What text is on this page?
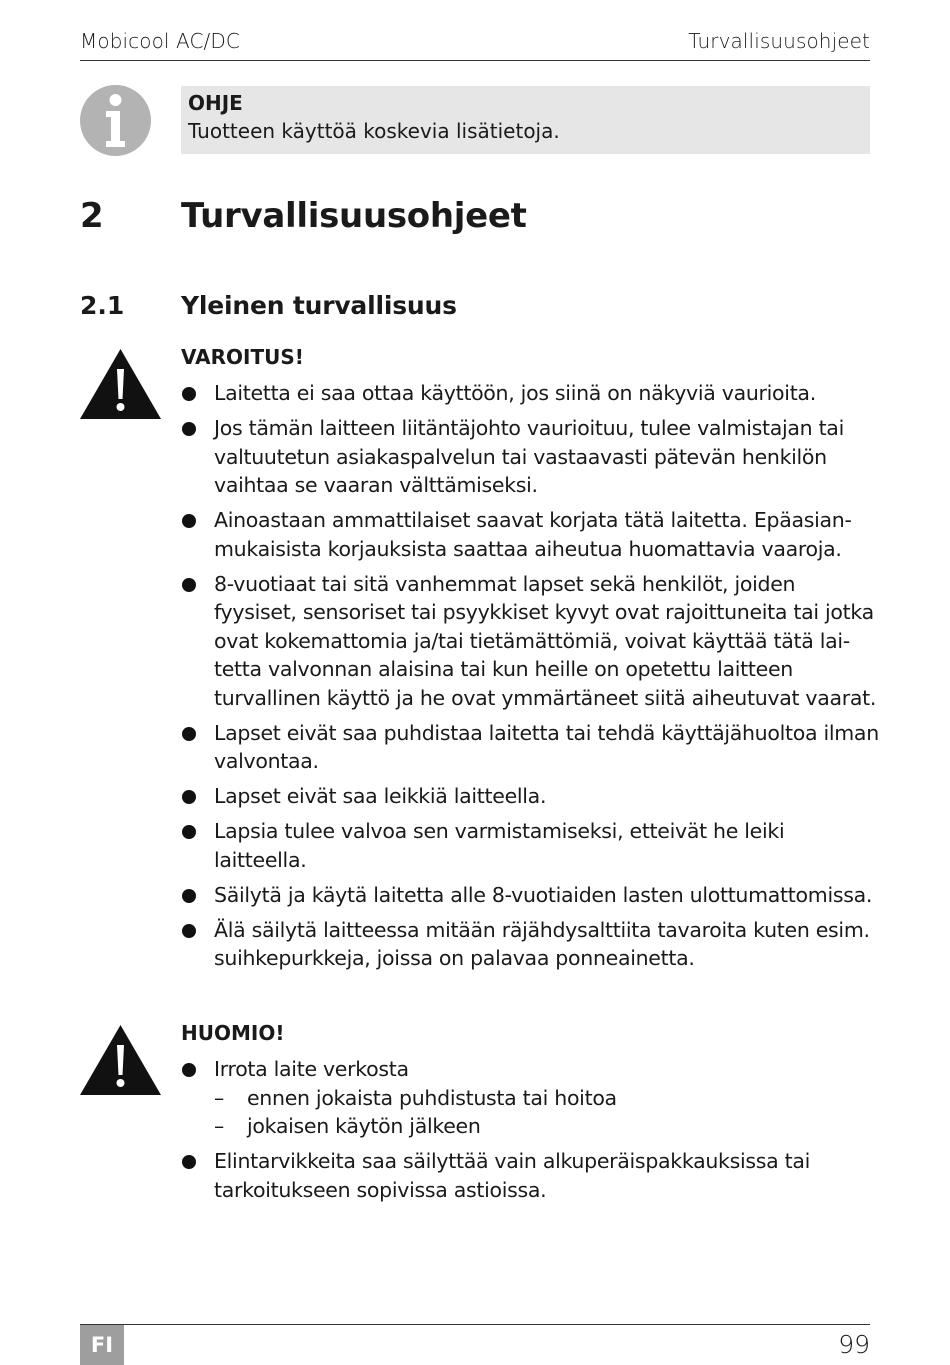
Mobicool AC/DC	Turvallisuusohjeet
OHJE
Tuotteen käyttöä koskevia lisätietoja.
2 Turvallisuusohjeet
2.1 Yleinen turvallisuus
VAROITUS!
Laitetta ei saa ottaa käyttöön, jos siinä on näkyviä vaurioita.
Jos tämän laitteen liitäntäjohto vaurioituu, tulee valmistajan tai valtuutetun asiakaspalvelun tai vastaavasti pätevän henkilön vaihtaa se vaaran välttämiseksi.
Ainoastaan ammattilaiset saavat korjata tätä laitetta. Epäasianmukaisista korjauksista saattaa aiheutua huomattavia vaaroja.
8-vuotiaat tai sitä vanhemmat lapset sekä henkilöt, joiden fyysiset, sensoriset tai psyykkiset kyvyt ovat rajoittuneita tai jotka ovat kokemattomia ja/tai tietämättömiä, voivat käyttää tätä laitetta valvonnan alaisina tai kun heille on opetettu laitteen turvallinen käyttö ja he ovat ymmärtäneet siitä aiheutuvat vaarat.
Lapset eivät saa puhdistaa laitetta tai tehdä käyttäjähuoltoa ilman valvontaa.
Lapset eivät saa leikkiä laitteella.
Lapsia tulee valvoa sen varmistamiseksi, etteivät he leiki laitteella.
Säilytä ja käytä laitetta alle 8-vuotiaiden lasten ulottumattomissa.
Älä säilytä laitteessa mitään räjähdysalttiita tavaroita kuten esim. suihkepurkkeja, joissa on palavaa ponneainetta.
HUOMIO!
Irrota laite verkosta
– ennen jokaista puhdistusta tai hoitoa
– jokaisen käytön jälkeen
Elintarvikkeita saa säilyttää vain alkuperäispakkauksissa tai tarkoitukseen sopivissa astioissa.
FI	99
